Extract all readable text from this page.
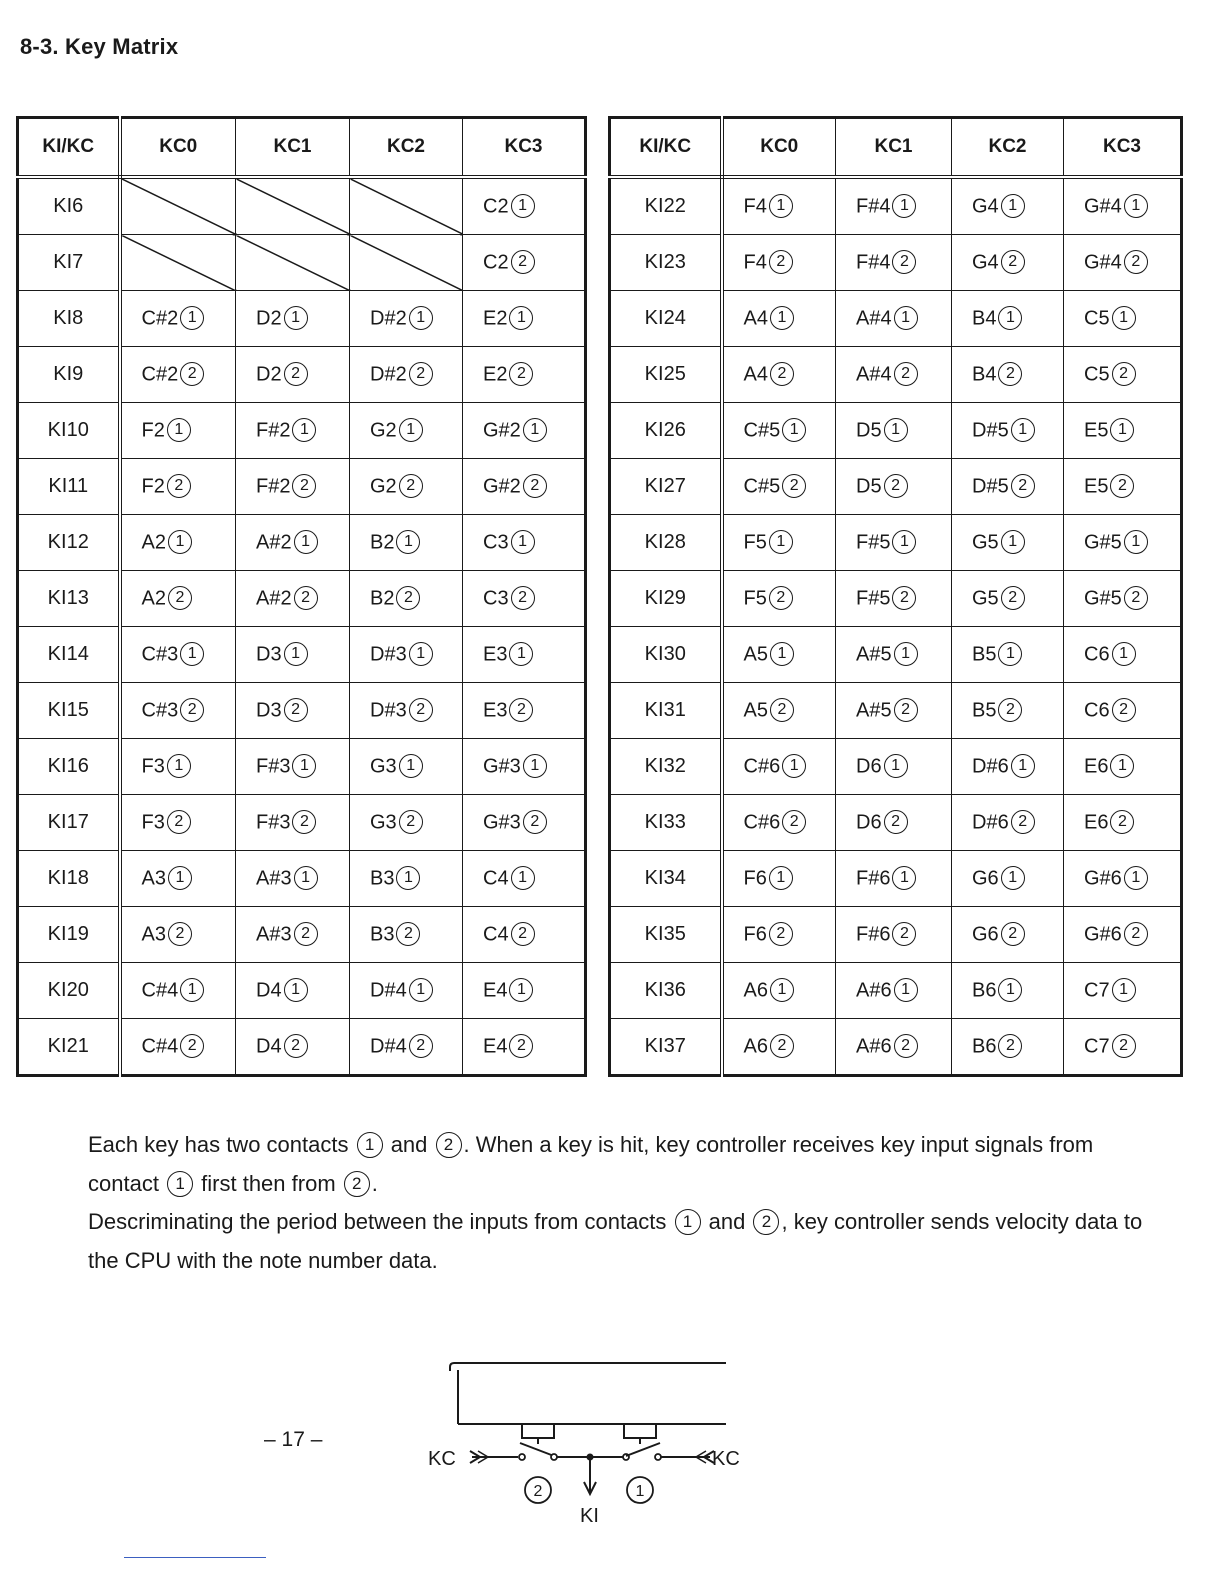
8-3. Key Matrix
KI/KC	KC0	KC1	KC2	KC3
KI6				C2 1
KI7				C2 2
KI8	C#2 1	D2 1	D#2 1	E2 1
KI9	C#2 2	D2 2	D#2 2	E2 2
KI10	F2 1	F#2 1	G2 1	G#2 1
KI11	F2 2	F#2 2	G2 2	G#2 2
KI12	A2 1	A#2 1	B2 1	C3 1
KI13	A2 2	A#2 2	B2 2	C3 2
KI14	C#3 1	D3 1	D#3 1	E3 1
KI15	C#3 2	D3 2	D#3 2	E3 2
KI16	F3 1	F#3 1	G3 1	G#3 1
KI17	F3 2	F#3 2	G3 2	G#3 2
KI18	A3 1	A#3 1	B3 1	C4 1
KI19	A3 2	A#3 2	B3 2	C4 2
KI20	C#4 1	D4 1	D#4 1	E4 1
KI21	C#4 2	D4 2	D#4 2	E4 2
KI/KC	KC0	KC1	KC2	KC3
KI22	F4 1	F#4 1	G4 1	G#4 1
KI23	F4 2	F#4 2	G4 2	G#4 2
KI24	A4 1	A#4 1	B4 1	C5 1
KI25	A4 2	A#4 2	B4 2	C5 2
KI26	C#5 1	D5 1	D#5 1	E5 1
KI27	C#5 2	D5 2	D#5 2	E5 2
KI28	F5 1	F#5 1	G5 1	G#5 1
KI29	F5 2	F#5 2	G5 2	G#5 2
KI30	A5 1	A#5 1	B5 1	C6 1
KI31	A5 2	A#5 2	B5 2	C6 2
KI32	C#6 1	D6 1	D#6 1	E6 1
KI33	C#6 2	D6 2	D#6 2	E6 2
KI34	F6 1	F#6 1	G6 1	G#6 1
KI35	F6 2	F#6 2	G6 2	G#6 2
KI36	A6 1	A#6 1	B6 1	C7 1
KI37	A6 2	A#6 2	B6 2	C7 2

Each key has two contacts 1 and 2 . When a key is hit, key controller receives key input signals from contact 1 first then from 2 .
Descriminating the period between the inputs from contacts 1 and 2 , key controller sends velocity data to the CPU with the note number data.

– 17 –
KC	KC
KI
2	1
